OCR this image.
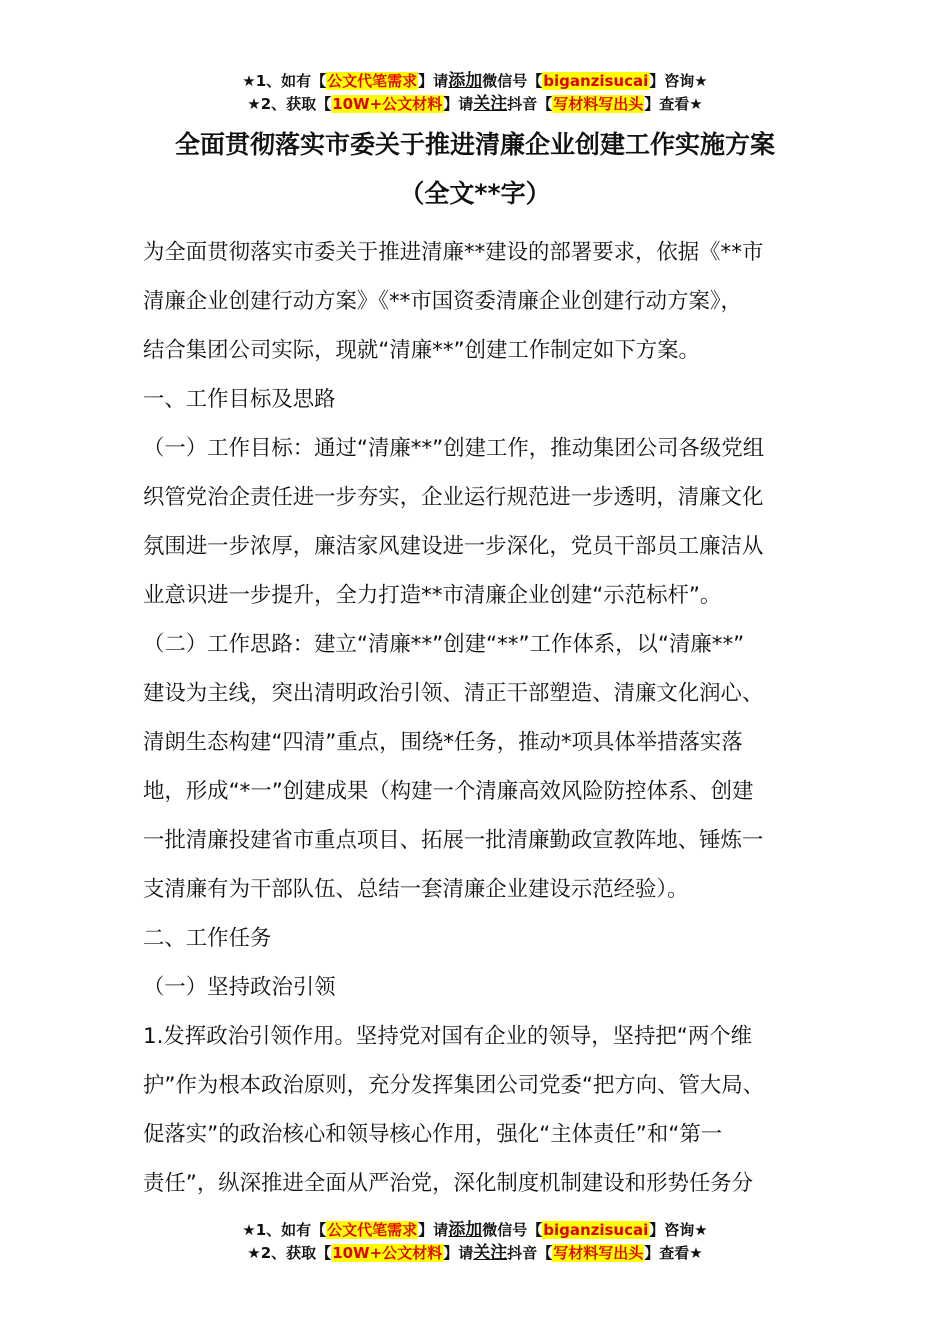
★1、如有【公文代笔需求】请添加微信号【biganzisucai】咨询★
★2、获取【10W+公文材料】请关注抖音【写材料写出头】查看★
全面贯彻落实市委关于推进清廉企业创建工作实施方案
（全文**字）

为全面贯彻落实市委关于推进清廉**建设的部署要求，依据《**市

清廉企业创建行动方案》《**市国资委清廉企业创建行动方案》，

结合集团公司实际，现就“清廉**”创建工作制定如下方案。

一、工作目标及思路

（一）工作目标：通过“清廉**”创建工作，推动集团公司各级党组

织管党治企责任进一步夯实，企业运行规范进一步透明，清廉文化

氛围进一步浓厚，廉洁家风建设进一步深化，党员干部员工廉洁从

业意识进一步提升，全力打造**市清廉企业创建“示范标杆”。

（二）工作思路：建立“清廉**”创建“**”工作体系，以“清廉**”

建设为主线，突出清明政治引领、清正干部塑造、清廉文化润心、

清朗生态构建“四清”重点，围绕*任务，推动*项具体举措落实落

地，形成“*一”创建成果（构建一个清廉高效风险防控体系、创建

一批清廉投建省市重点项目、拓展一批清廉勤政宣教阵地、锤炼一

支清廉有为干部队伍、总结一套清廉企业建设示范经验）。

二、工作任务

（一）坚持政治引领

1.发挥政治引领作用。坚持党对国有企业的领导，坚持把“两个维

护”作为根本政治原则，充分发挥集团公司党委“把方向、管大局、

促落实”的政治核心和领导核心作用，强化“主体责任”和“第一

责任”，纵深推进全面从严治党，深化制度机制建设和形势任务分

★1、如有【公文代笔需求】请添加微信号【biganzisucai】咨询★
★2、获取【10W+公文材料】请关注抖音【写材料写出头】查看★
